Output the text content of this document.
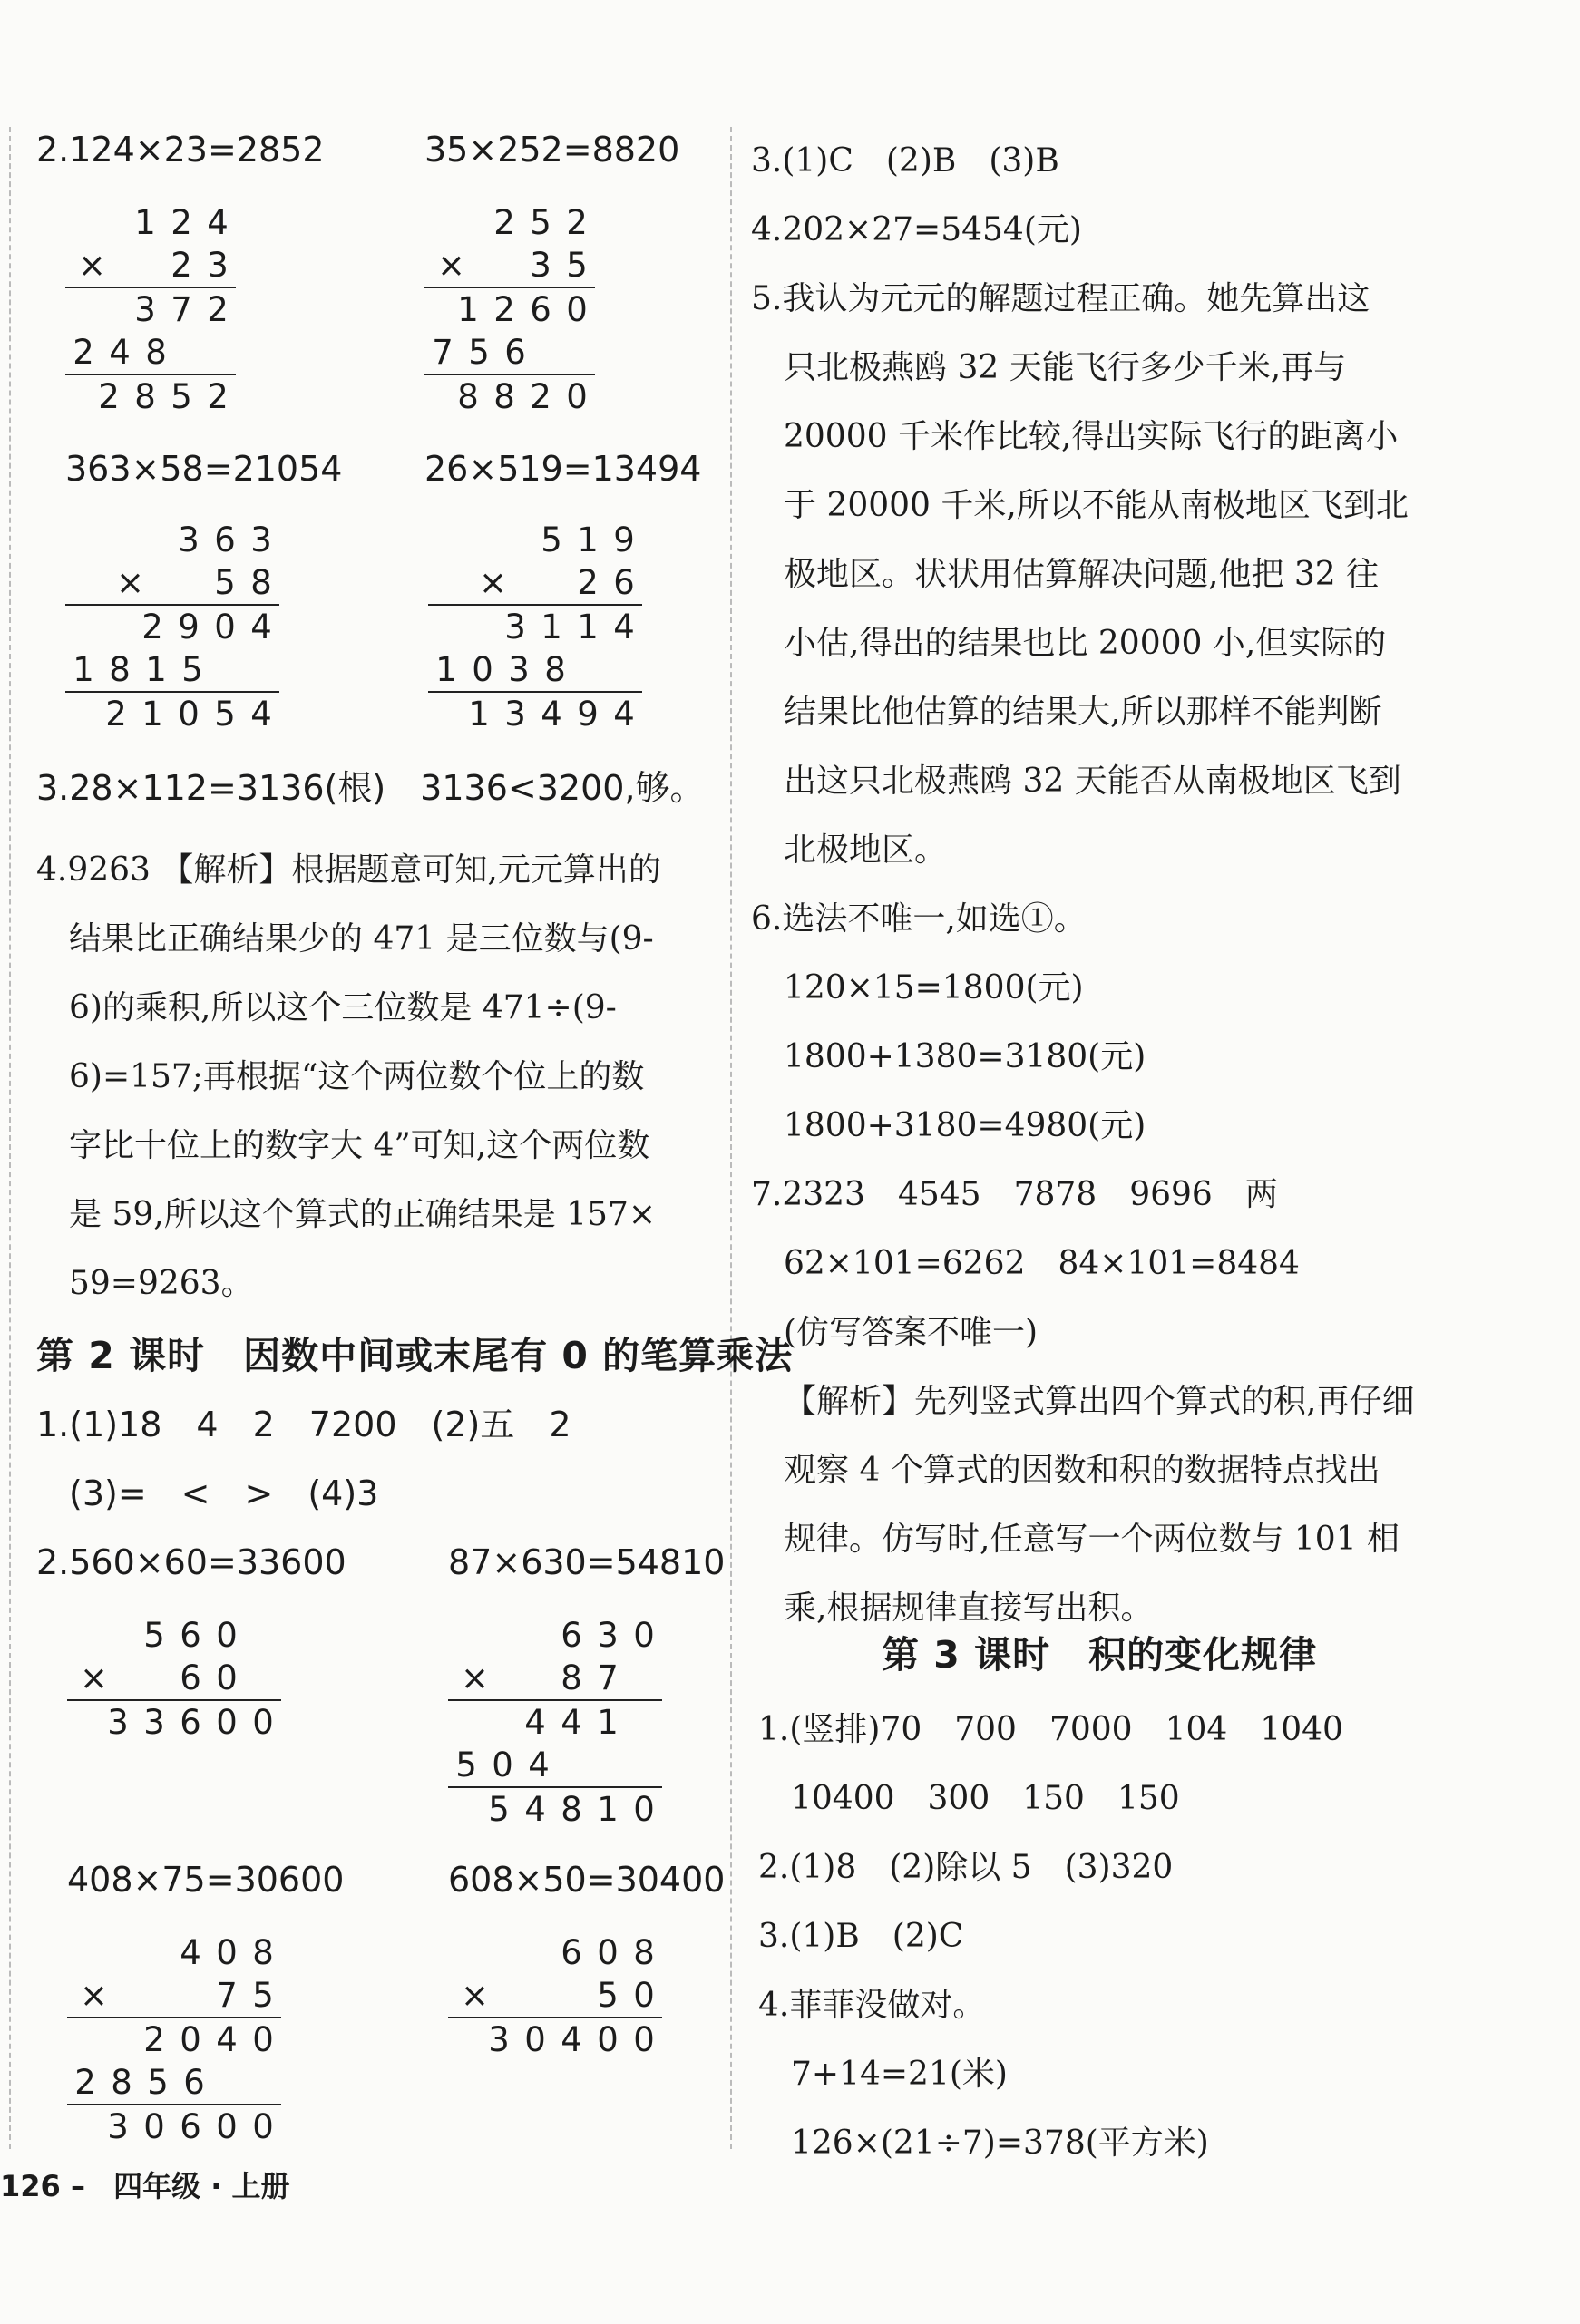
2.124×23=2852	35×252=8820
1 2 4
× 2 3
3 7 2
2 4 8
2 8 5 2
2 5 2
× 3 5
1 2 6 0
7 5 6
8 8 2 0
363×58=21054 26×519=13494
3 6 3
× 5 8
2 9 0 4
1 8 1 5
2 1 0 5 4
5 1 9
× 2 6
3 1 1 4
1 0 3 8
1 3 4 9 4
3.28×112=3136(根)　3136<3200,够。
4.9263 【解析】根据题意可知,元元算出的
结果比正确结果少的 471 是三位数与(9-
6)的乘积,所以这个三位数是 471÷(9-
6)=157;再根据“这个两位数个位上的数
字比十位上的数字大 4”可知,这个两位数
是 59,所以这个算式的正确结果是 157×
59=9263。
第 2 课时　因数中间或末尾有 0 的笔算乘法
1.(1)18　4　2　7200　(2)五　2
(3)=　<　>　(4)3
2.560×60=33600	87×630=54810
5 6 0
× 6 0
3 3 6 0 0
6 3 0
× 8 7
4 4 1
5 0 4
5 4 8 1 0
408×75=30600	608×50=30400
4 0 8
×	7 5
2 0 4 0
2 8 5 6
3 0 6 0 0
6 0 8
×	5 0
3 0 4 0 0
3.(1)C　(2)B　(3)B
4.202×27=5454(元)
5.我认为元元的解题过程正确。她先算出这
只北极燕鸥 32 天能飞行多少千米,再与
20000 千米作比较,得出实际飞行的距离小
于 20000 千米,所以不能从南极地区飞到北
极地区。状状用估算解决问题,他把 32 往
小估,得出的结果也比 20000 小,但实际的
结果比他估算的结果大,所以那样不能判断
出这只北极燕鸥 32 天能否从南极地区飞到
北极地区。
6.选法不唯一,如选①。
120×15=1800(元)
1800+1380=3180(元)
1800+3180=4980(元)
7.2323　4545　7878　9696　两
62×101=6262　84×101=8484
(仿写答案不唯一)
【解析】先列竖式算出四个算式的积,再仔细
观察 4 个算式的因数和积的数据特点找出
规律。仿写时,任意写一个两位数与 101 相
乘,根据规律直接写出积。
第 3 课时　积的变化规律
1.(竖排)70　700　7000　104　1040
10400　300　150　150
2.(1)8　(2)除以 5　(3)320
3.(1)B　(2)C
4.菲菲没做对。
7+14=21(米)
126×(21÷7)=378(平方米)
126 – 四年级 · 上册
